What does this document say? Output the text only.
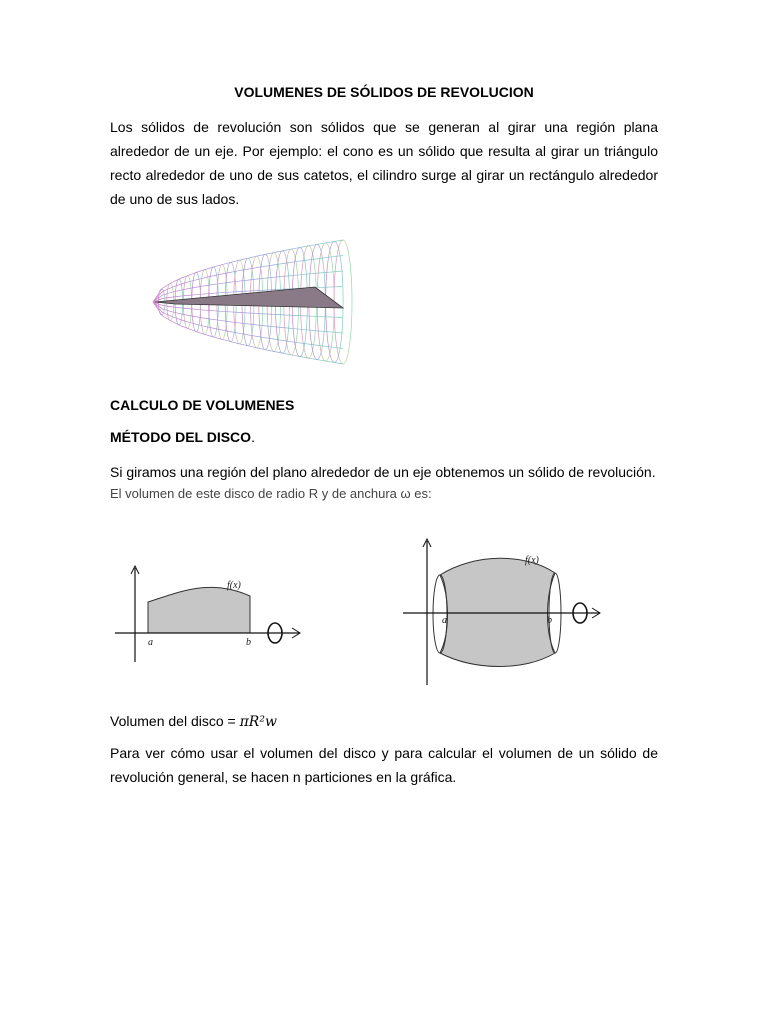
VOLUMENES DE SÓLIDOS DE REVOLUCION

Los sólidos de revolución son sólidos que se generan al girar una región plana alrededor de un eje. Por ejemplo: el cono es un sólido que resulta al girar un triángulo recto alrededor de uno de sus catetos, el cilindro surge al girar un rectángulo alrededor de uno de sus lados.

CALCULO DE VOLUMENES
MÉTODO DEL DISCO.

Si giramos una región del plano alrededor de un eje obtenemos un sólido de revolución.

El volumen de este disco de radio R y de anchura ω es:

f(x)
a	b
f(x)
a	b

Volumen del disco = πR²w

Para ver cómo usar el volumen del disco y para calcular el volumen de un sólido de revolución general, se hacen n particiones en la gráfica.
